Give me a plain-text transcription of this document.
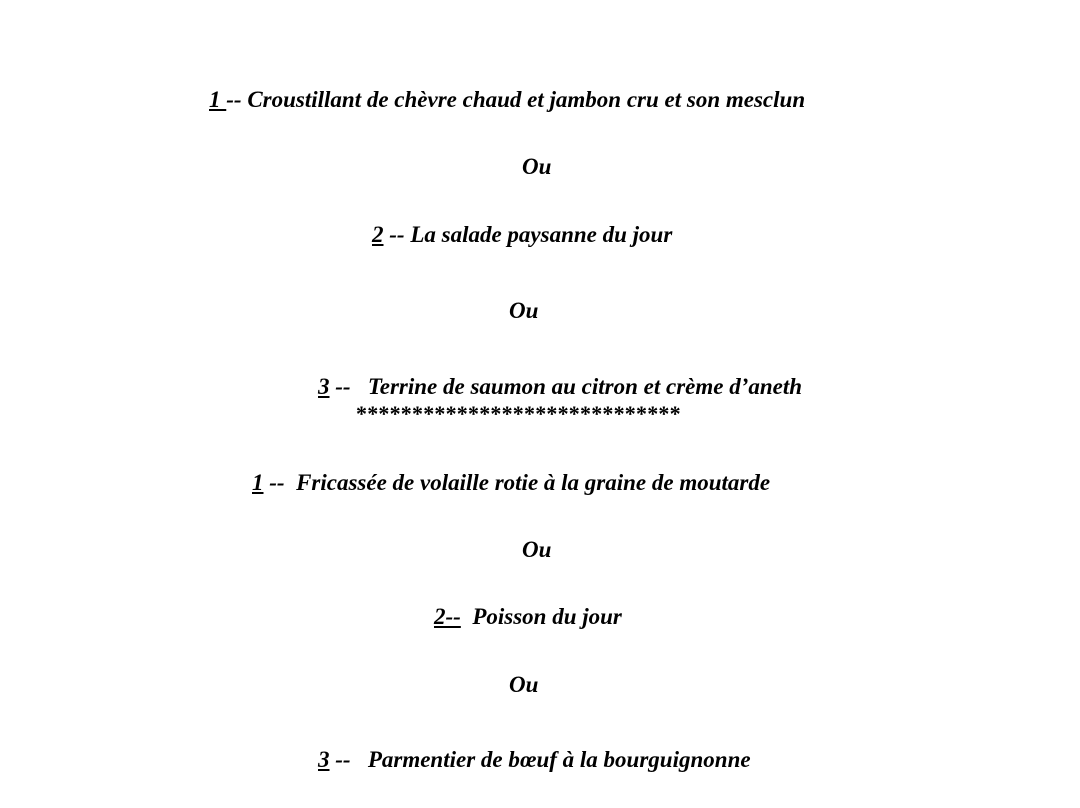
1 -- Croustillant de chèvre chaud et jambon cru et son mesclun
Ou
2 -- La salade paysanne du jour
Ou
3 --   Terrine de saumon au citron et crème d’aneth
*****************************
1 --  Fricassée de volaille rotie à la graine de moutarde
Ou
2--  Poisson du jour
Ou
3 --   Parmentier de bœuf à la bourguignonne
